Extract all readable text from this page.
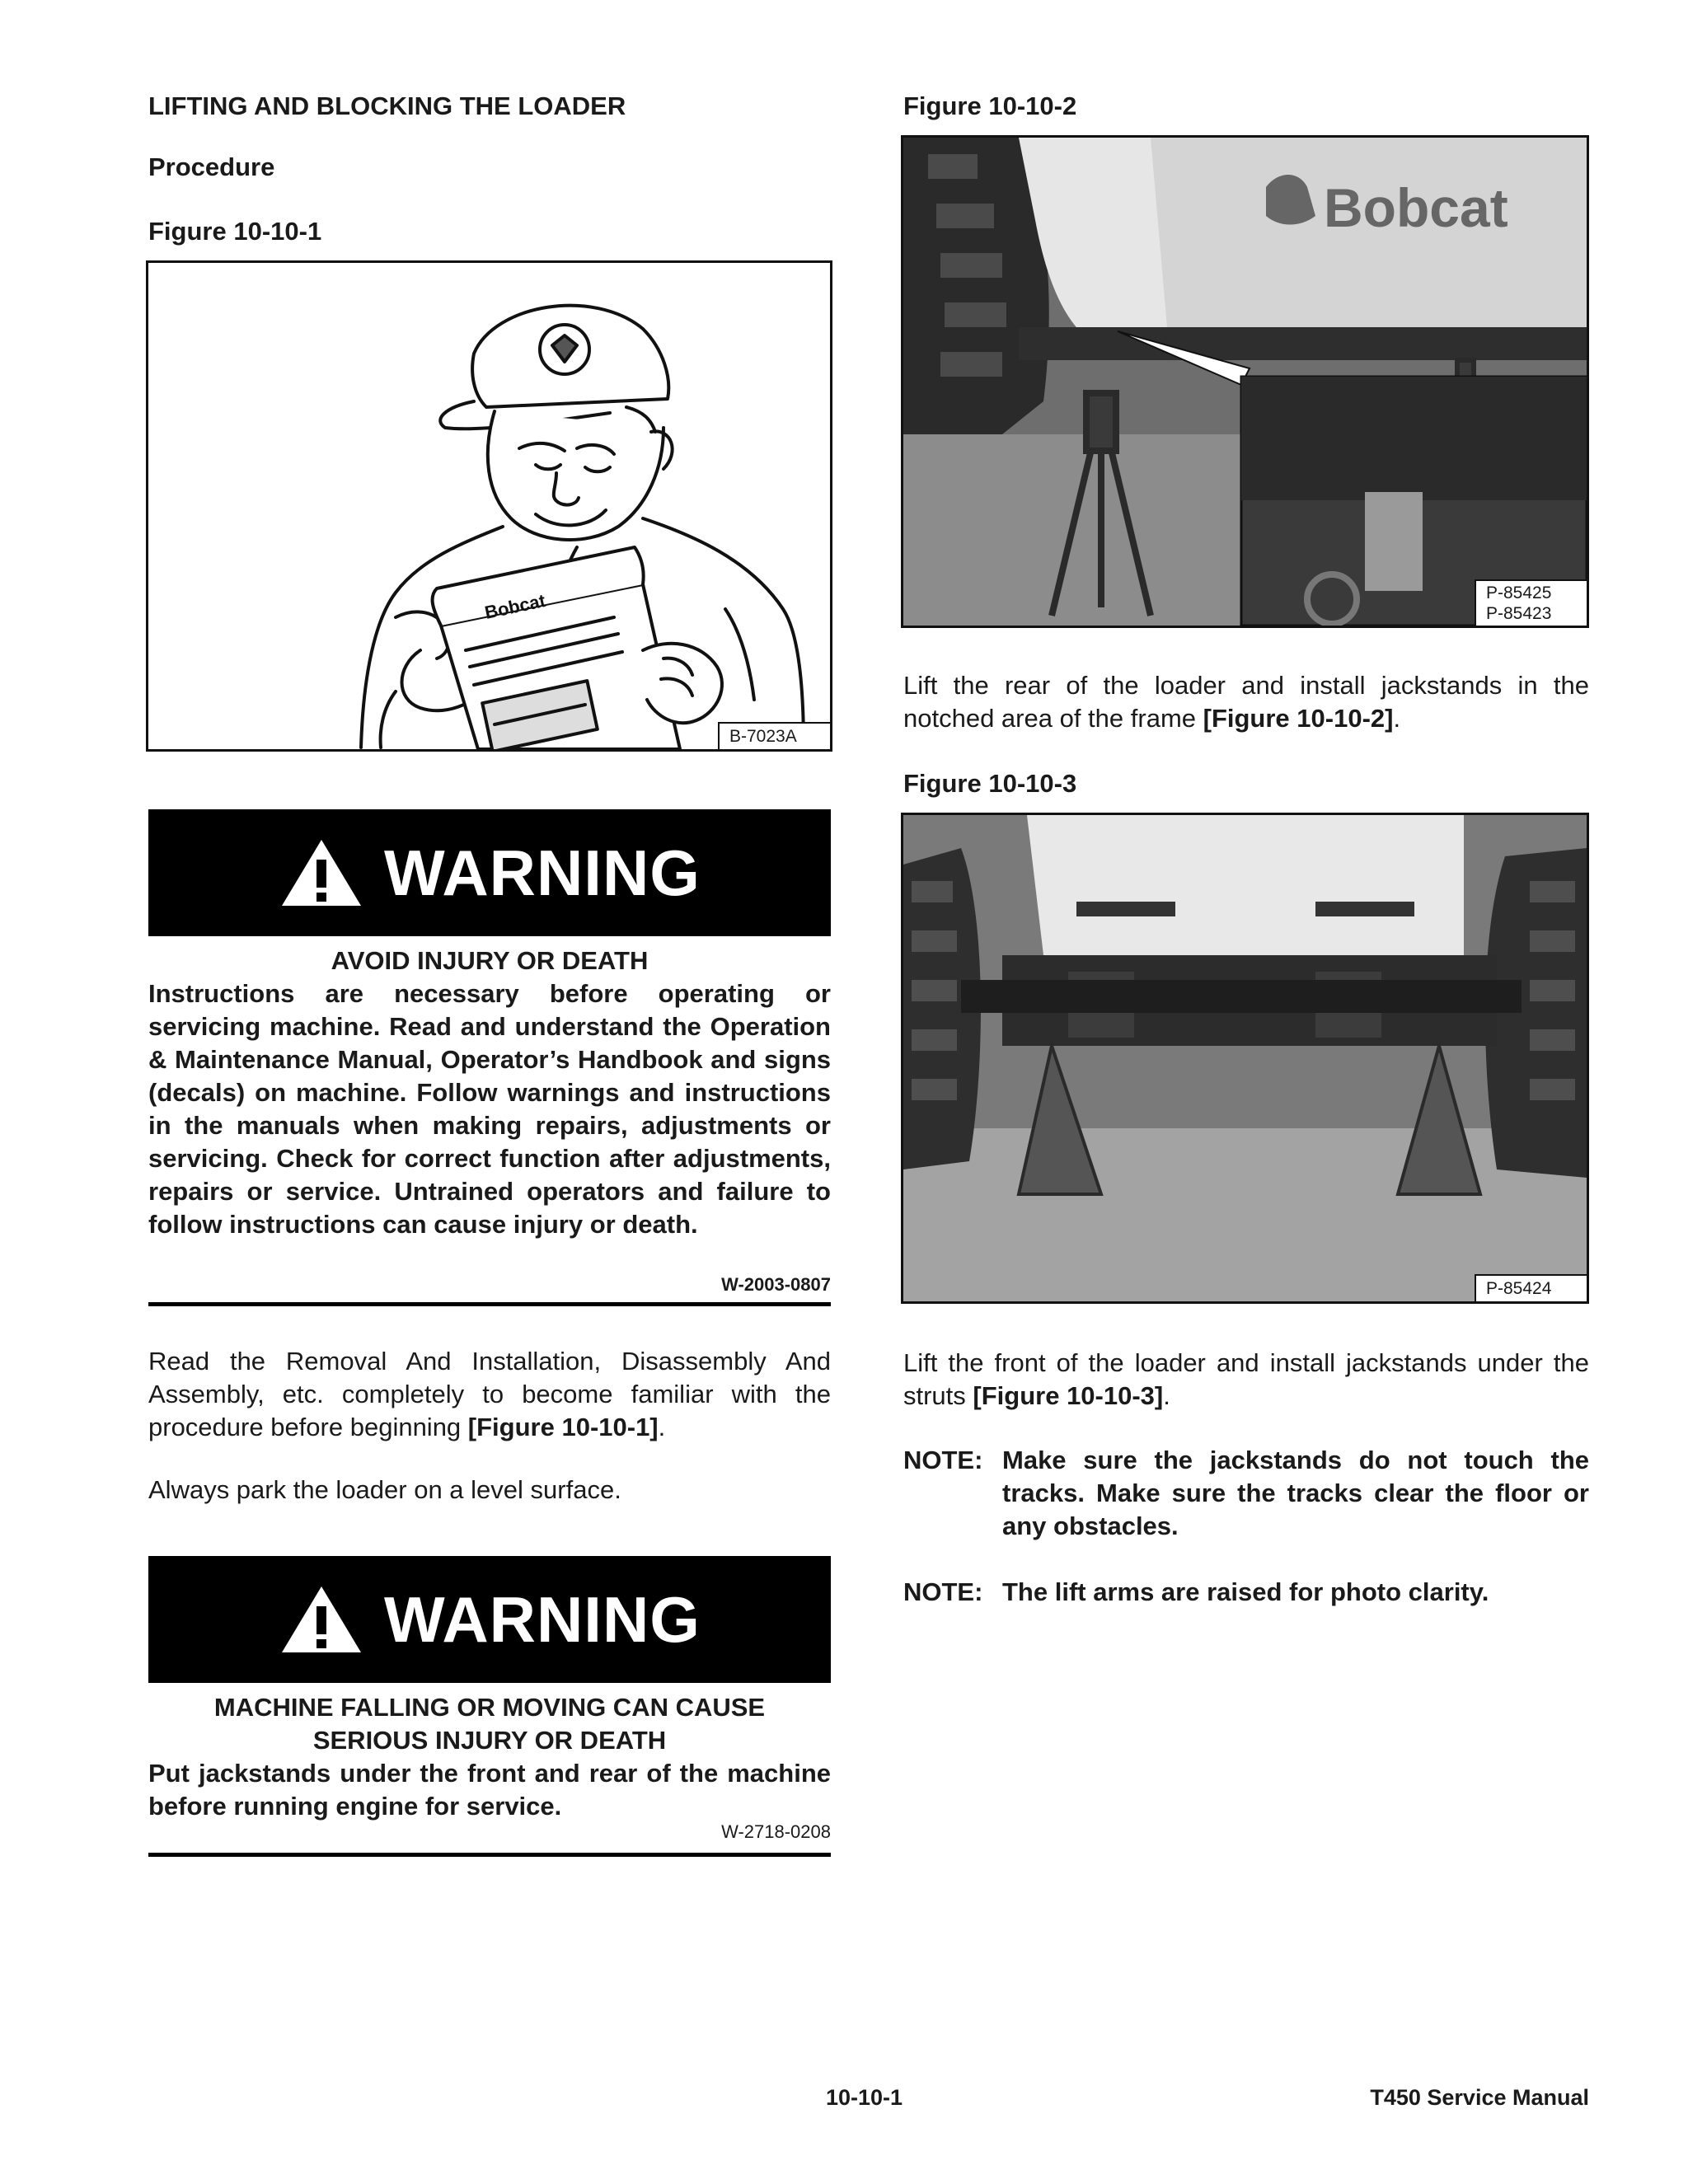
LIFTING AND BLOCKING THE LOADER
Procedure
Figure 10-10-1
Bobcat
B-7023A
WARNING
AVOID INJURY OR DEATH
Instructions are necessary before operating or servicing machine. Read and understand the Operation & Maintenance Manual, Operator’s Handbook and signs (decals) on machine. Follow warnings and instructions in the manuals when making repairs, adjustments or servicing. Check for correct function after adjustments, repairs or service. Untrained operators and failure to follow instructions can cause injury or death.
W-2003-0807
Read the Removal And Installation, Disassembly And Assembly, etc. completely to become familiar with the procedure before beginning [Figure 10-10-1].
Always park the loader on a level surface.
WARNING
MACHINE FALLING OR MOVING CAN CAUSE
SERIOUS INJURY OR DEATH
Put jackstands under the front and rear of the machine before running engine for service.
W-2718-0208
Figure 10-10-2
Bobcat
P-85425
P-85423
Lift the rear of the loader and install jackstands in the notched area of the frame [Figure 10-10-2].
Figure 10-10-3
P-85424
Lift the front of the loader and install jackstands under the struts [Figure 10-10-3].
NOTE: Make sure the jackstands do not touch the tracks. Make sure the tracks clear the floor or any obstacles.
NOTE: The lift arms are raised for photo clarity.
10-10-1	T450 Service Manual
